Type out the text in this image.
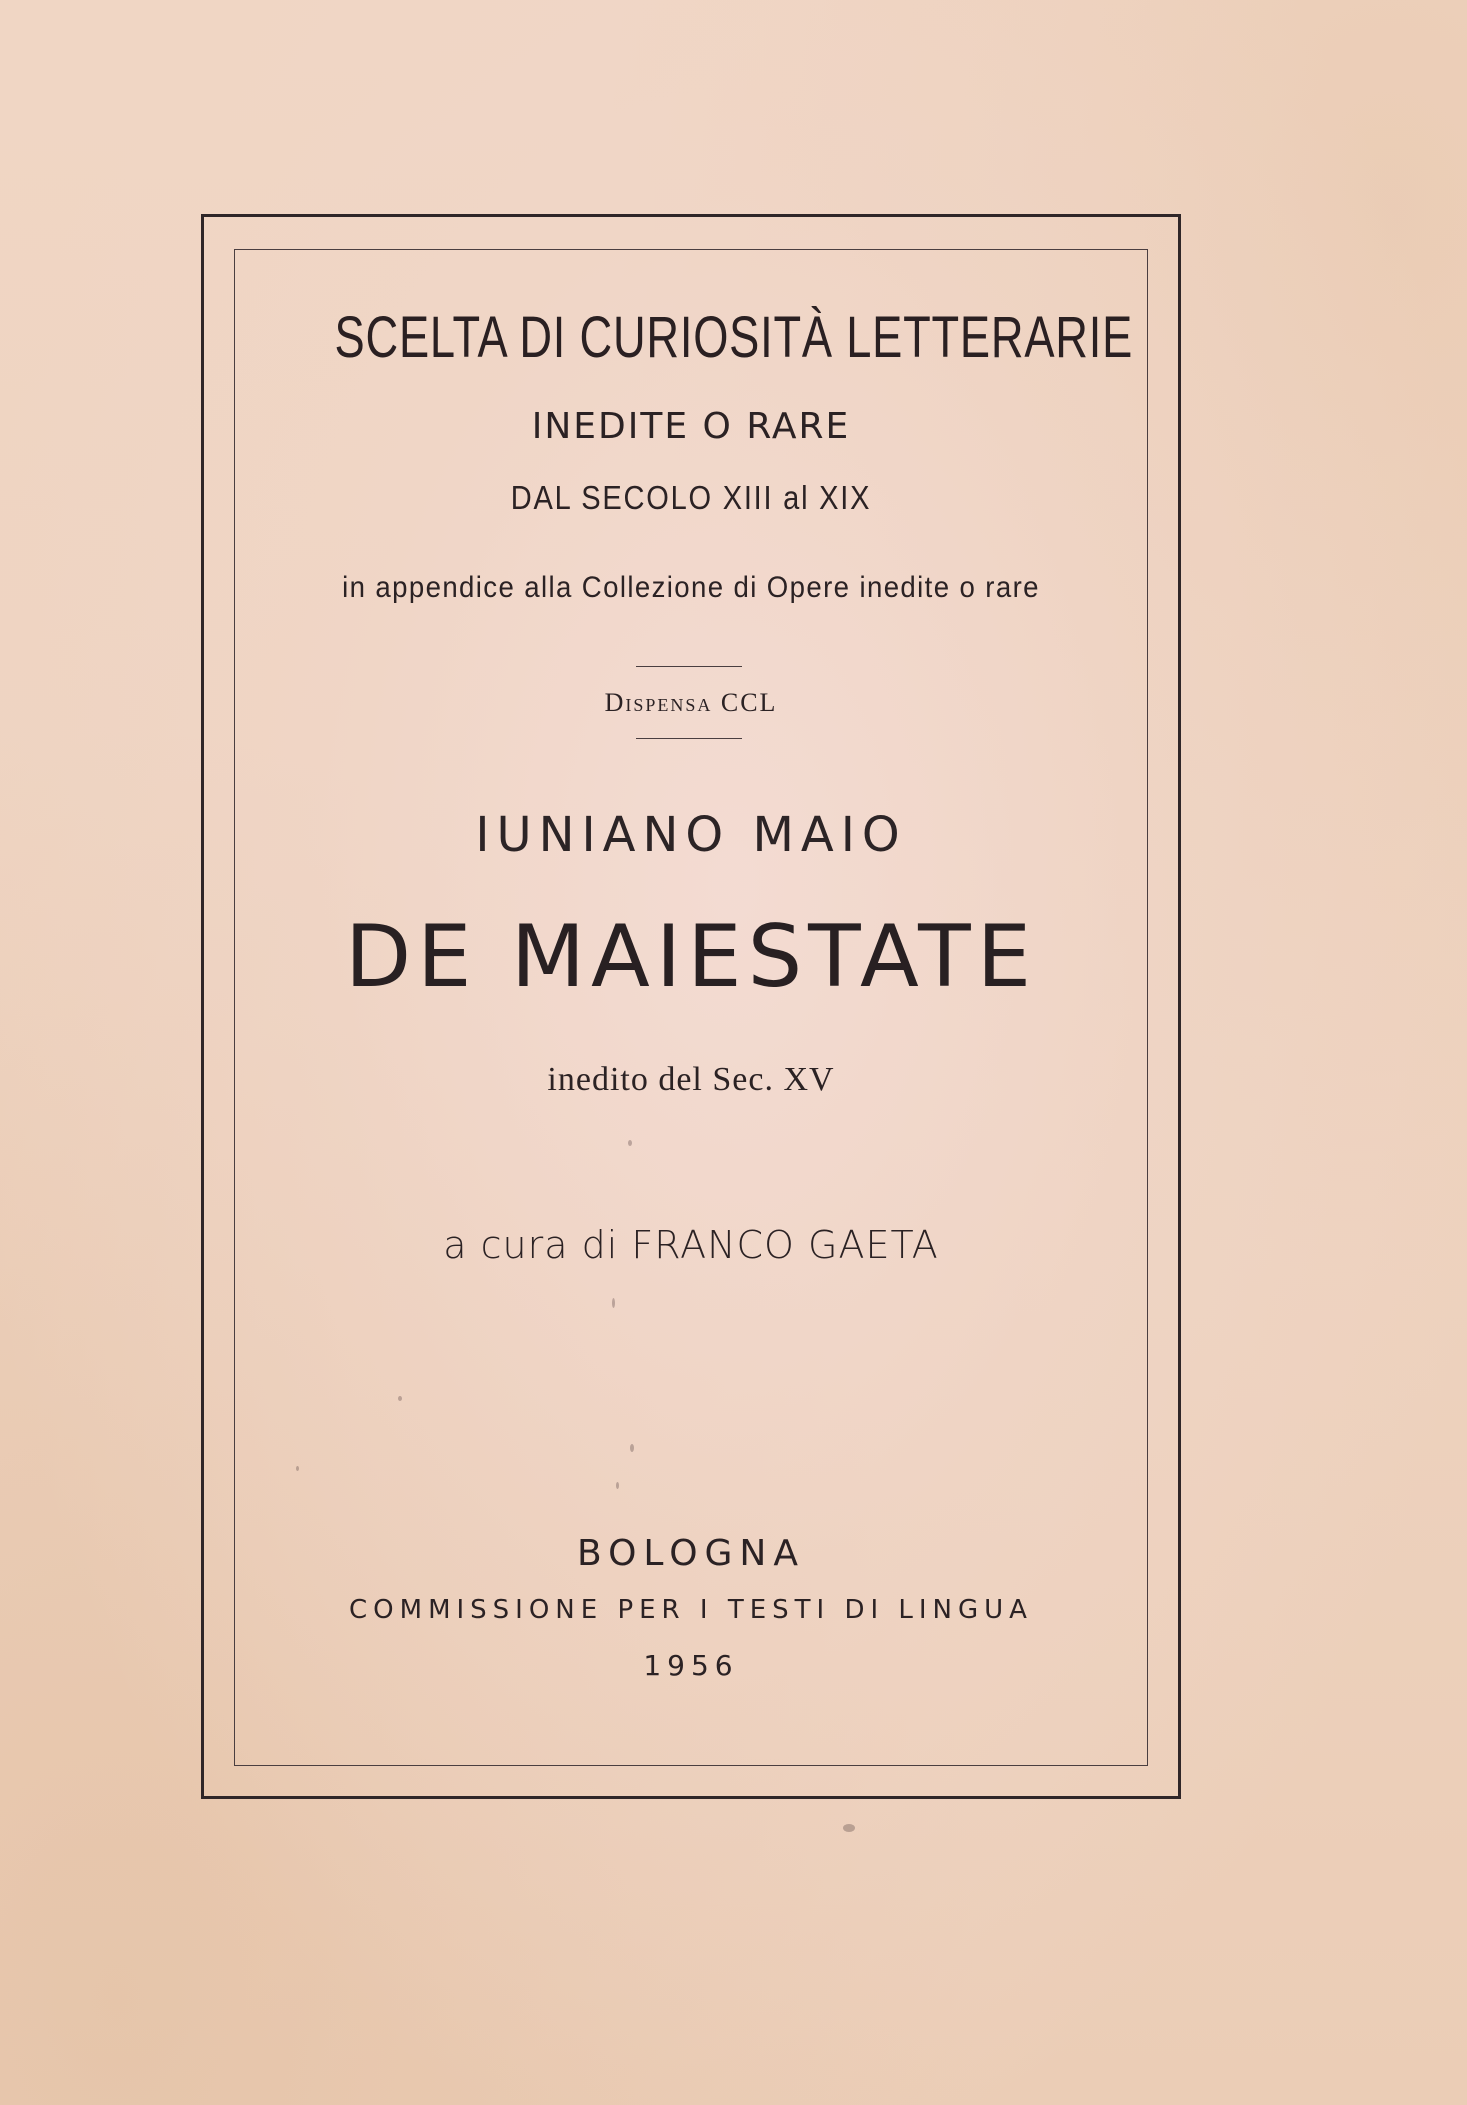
SCELTA DI CURIOSITÀ LETTERARIE
INEDITE O RARE
DAL SECOLO XIII al XIX
in appendice alla Collezione di Opere inedite o rare
Dispensa CCL
IUNIANO MAIO
DE MAIESTATE
inedito del Sec. XV
a cura di FRANCO GAETA
BOLOGNA
COMMISSIONE PER I TESTI DI LINGUA
1956
